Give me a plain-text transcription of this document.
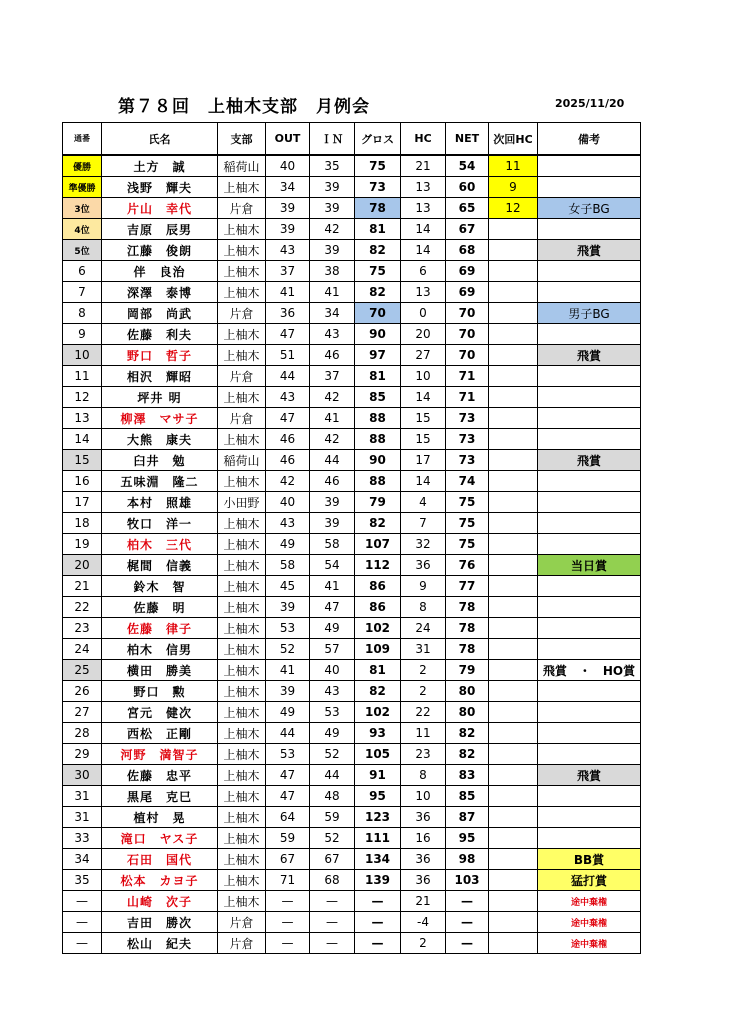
第７８回　上柚木支部　月例会	2025/11/20
通番	氏名	支部	OUT	ＩＮ	グロス	HC	NET	次回HC	備考
優勝	土方　誠	稲荷山	40	35	75	21	54	11	
準優勝	浅野　輝夫	上柚木	34	39	73	13	60	9	
3位	片山　幸代	片倉	39	39	78	13	65	12	女子BG
4位	吉原　辰男	上柚木	39	42	81	14	67		
5位	江藤　俊朗	上柚木	43	39	82	14	68		飛賞
6	伴　良治	上柚木	37	38	75	6	69		
7	深澤　泰博	上柚木	41	41	82	13	69		
8	岡部　尚武	片倉	36	34	70	0	70		男子BG
9	佐藤　利夫	上柚木	47	43	90	20	70		
10	野口　哲子	上柚木	51	46	97	27	70		飛賞
11	相沢　輝昭	片倉	44	37	81	10	71		
12	坪井 明	上柚木	43	42	85	14	71		
13	柳澤　マサ子	片倉	47	41	88	15	73		
14	大熊　康夫	上柚木	46	42	88	15	73		
15	臼井　勉	稲荷山	46	44	90	17	73		飛賞
16	五味淵　隆二	上柚木	42	46	88	14	74		
17	本村　照雄	小田野	40	39	79	4	75		
18	牧口　洋一	上柚木	43	39	82	7	75		
19	柏木　三代	上柚木	49	58	107	32	75		
20	梶間　信義	上柚木	58	54	112	36	76		当日賞
21	鈴木　智	上柚木	45	41	86	9	77		
22	佐藤　明	上柚木	39	47	86	8	78		
23	佐藤　律子	上柚木	53	49	102	24	78		
24	柏木　信男	上柚木	52	57	109	31	78		
25	横田　勝美	上柚木	41	40	81	2	79		飛賞　・　HO賞
26	野口　勲	上柚木	39	43	82	2	80		
27	宮元　健次	上柚木	49	53	102	22	80		
28	西松　正剛	上柚木	44	49	93	11	82		
29	河野　満智子	上柚木	53	52	105	23	82		
30	佐藤　忠平	上柚木	47	44	91	8	83		飛賞
31	黒尾　克巳	上柚木	47	48	95	10	85		
31	植村　晃	上柚木	64	59	123	36	87		
33	滝口　ヤス子	上柚木	59	52	111	16	95		
34	石田　国代	上柚木	67	67	134	36	98		BB賞
35	松本　カヨ子	上柚木	71	68	139	36	103		猛打賞
—	山崎　次子	上柚木	—	—	—	21	—		途中棄権
—	吉田　勝次	片倉	—	—	—	-4	—		途中棄権
—	松山　紀夫	片倉	—	—	—	2	—		途中棄権
